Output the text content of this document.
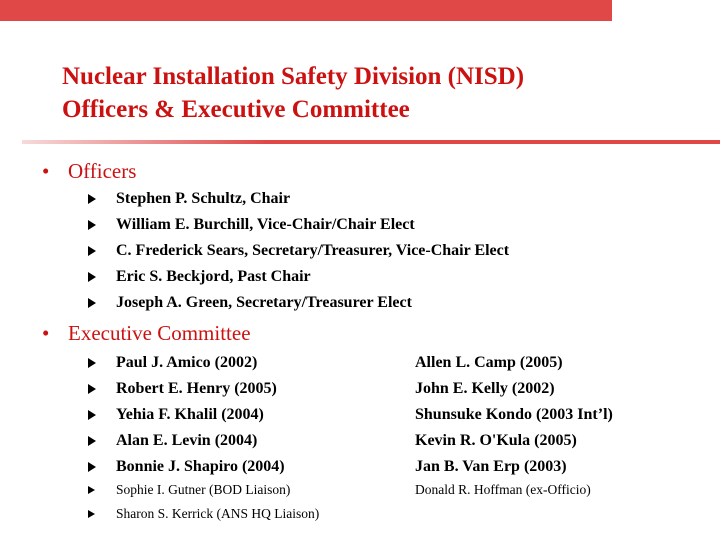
Nuclear Installation Safety Division (NISD)
Officers & Executive Committee
• Officers
Stephen P. Schultz, Chair
William E. Burchill, Vice-Chair/Chair Elect
C. Frederick Sears, Secretary/Treasurer, Vice-Chair Elect
Eric S. Beckjord, Past Chair
Joseph A. Green, Secretary/Treasurer Elect
• Executive Committee
Paul J. Amico (2002)
Robert E. Henry (2005)
Yehia F. Khalil (2004)
Alan E. Levin (2004)
Bonnie J. Shapiro (2004)
Allen L. Camp (2005)
John E. Kelly (2002)
Shunsuke Kondo (2003 Int’l)
Kevin R. O'Kula (2005)
Jan B. Van Erp (2003)
Sophie I. Gutner (BOD Liaison)
Sharon S. Kerrick (ANS HQ Liaison)
Donald R. Hoffman (ex-Officio)
